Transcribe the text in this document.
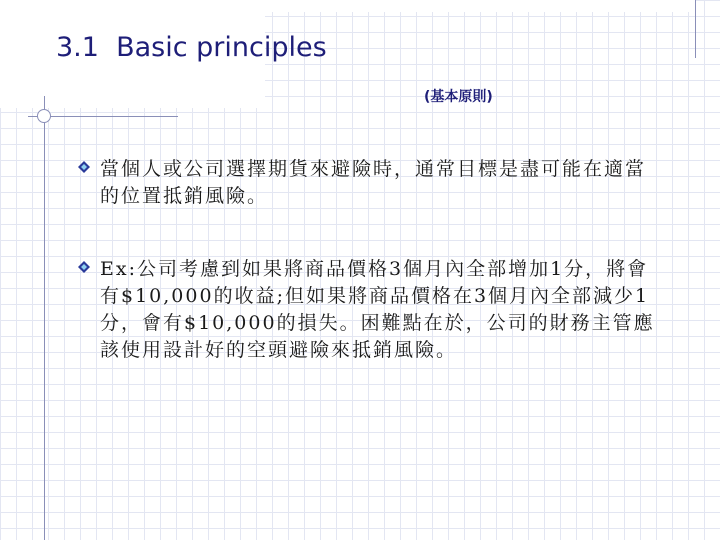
3.1  Basic principles
(基本原則)
當個人或公司選擇期貨來避險時，通常目標是盡可能在適當的位置抵銷風險。
Ex:公司考慮到如果將商品價格3個月內全部增加1分，將會有$10,000的收益;但如果將商品價格在3個月內全部減少1分，會有$10,000的損失。困難點在於，公司的財務主管應該使用設計好的空頭避險來抵銷風險。
